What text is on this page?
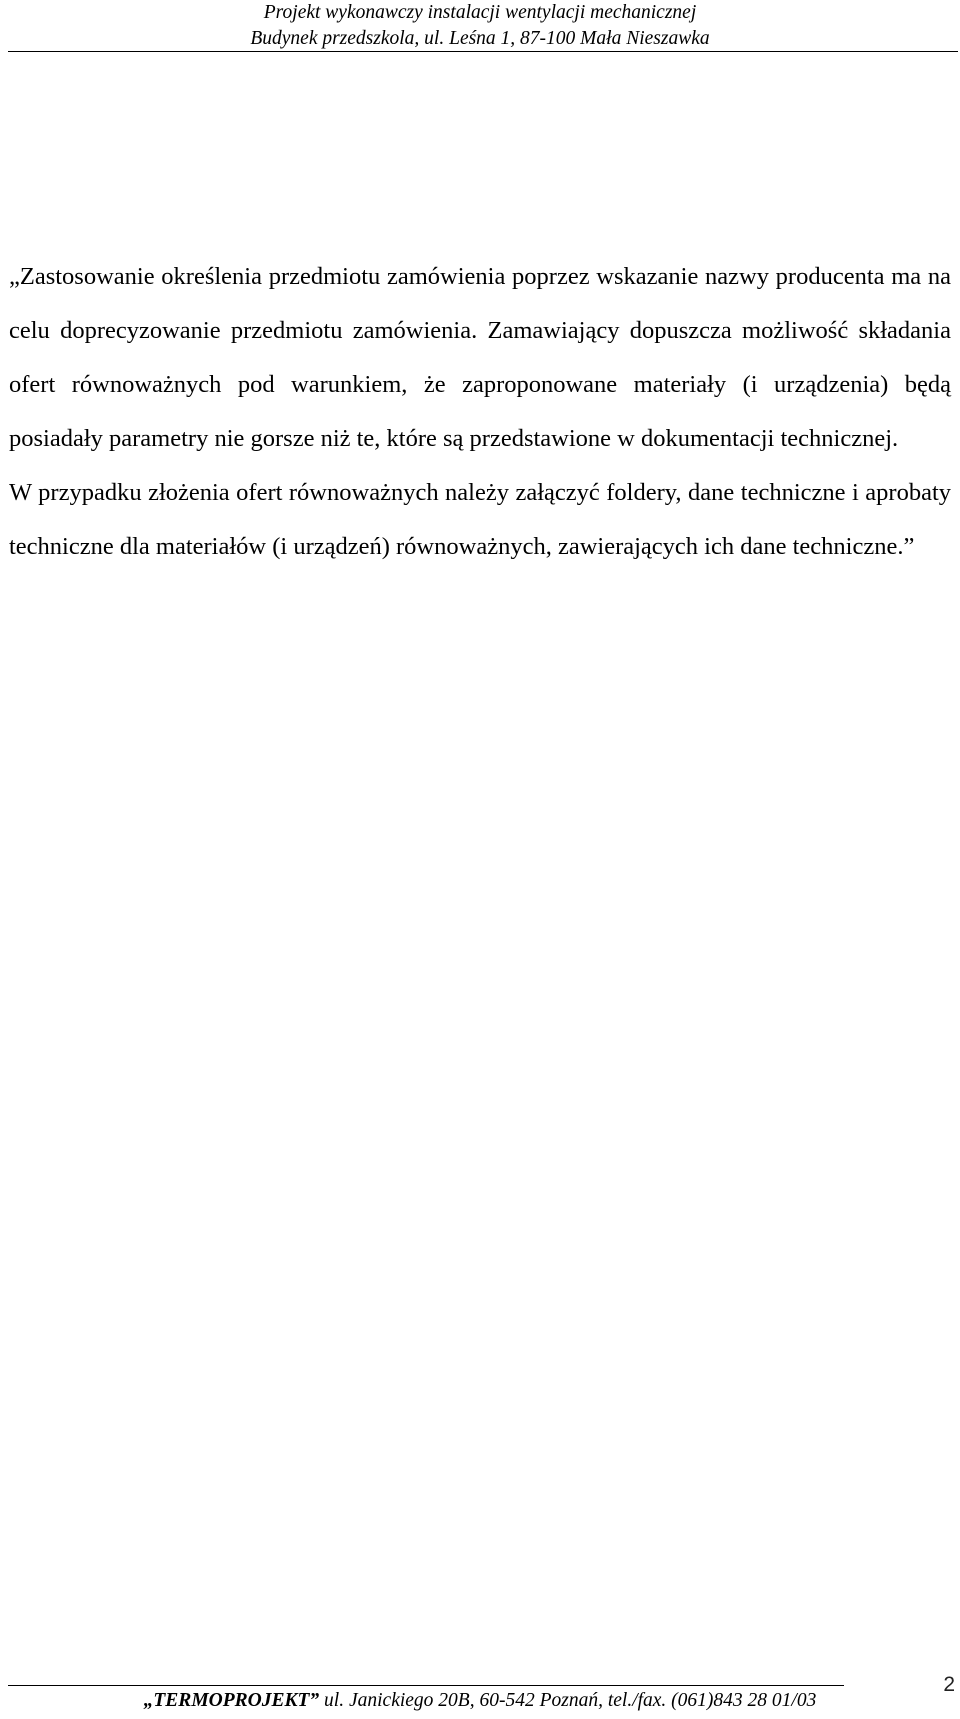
Projekt wykonawczy instalacji wentylacji mechanicznej
Budynek przedszkola, ul. Leśna 1, 87-100 Mała Nieszawka

„Zastosowanie określenia przedmiotu zamówienia poprzez wskazanie nazwy producenta ma na celu doprecyzowanie przedmiotu zamówienia. Zamawiający dopuszcza możliwość składania ofert równoważnych pod warunkiem, że zaproponowane materiały (i urządzenia) będą posiadały parametry nie gorsze niż te, które są przedstawione w dokumentacji technicznej.

W przypadku złożenia ofert równoważnych należy załączyć foldery, dane techniczne i aprobaty techniczne dla materiałów (i urządzeń) równoważnych, zawierających ich dane techniczne.”

2
„TERMOPROJEKT” ul. Janickiego 20B, 60-542 Poznań, tel./fax. (061)843 28 01/03
